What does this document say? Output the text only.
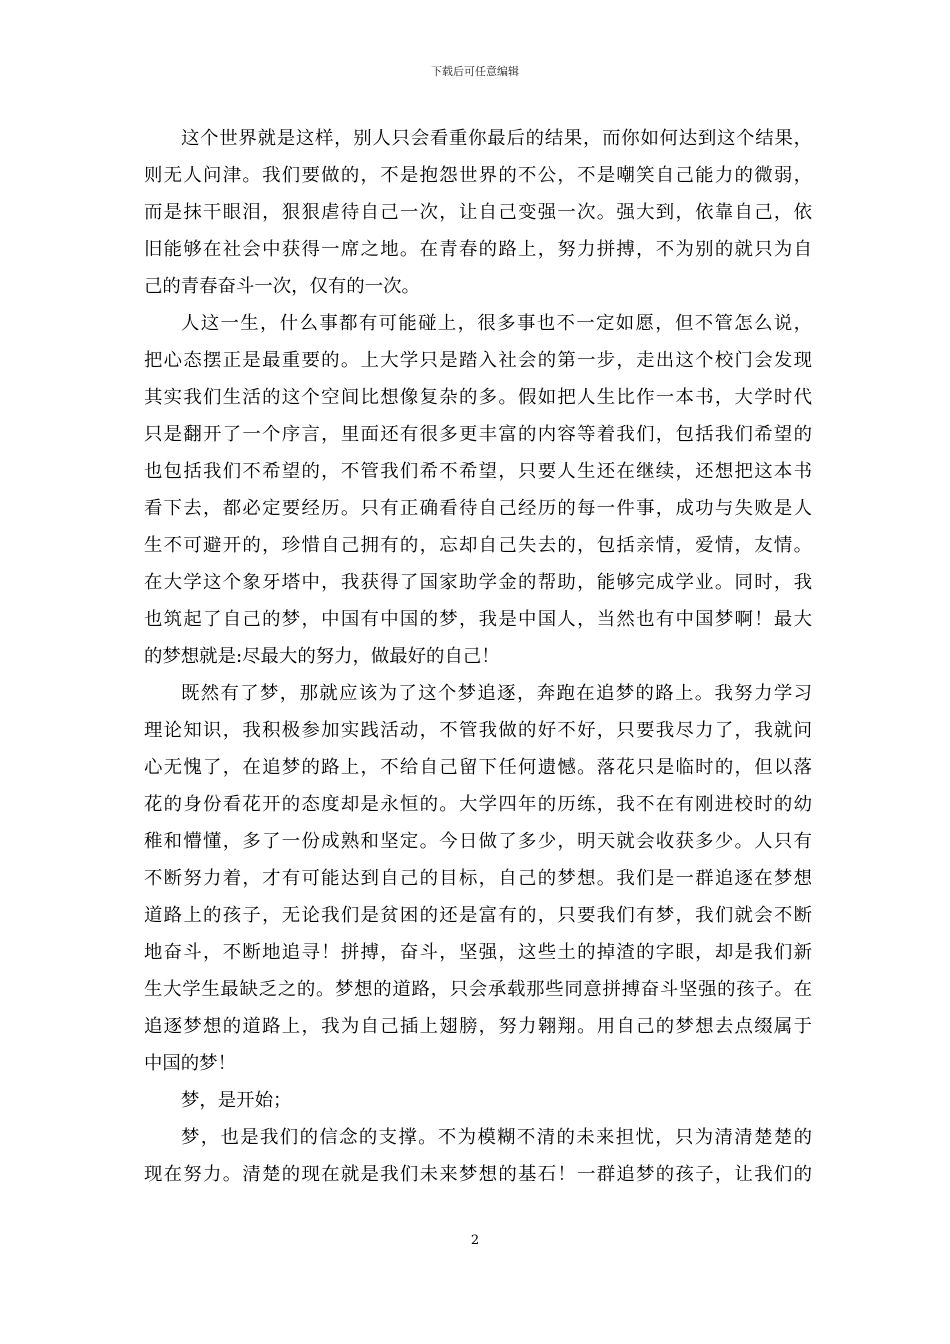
下载后可任意编辑
这个世界就是这样，别人只会看重你最后的结果，而你如何达到这个结果，
则无人问津。我们要做的，不是抱怨世界的不公，不是嘲笑自己能力的微弱，
而是抹干眼泪，狠狠虐待自己一次，让自己变强一次。强大到，依靠自己，依
旧能够在社会中获得一席之地。在青春的路上，努力拼搏，不为别的就只为自
己的青春奋斗一次，仅有的一次。
人这一生，什么事都有可能碰上，很多事也不一定如愿，但不管怎么说，
把心态摆正是最重要的。上大学只是踏入社会的第一步，走出这个校门会发现
其实我们生活的这个空间比想像复杂的多。假如把人生比作一本书，大学时代
只是翻开了一个序言，里面还有很多更丰富的内容等着我们，包括我们希望的
也包括我们不希望的，不管我们希不希望，只要人生还在继续，还想把这本书
看下去，都必定要经历。只有正确看待自己经历的每一件事，成功与失败是人
生不可避开的，珍惜自己拥有的，忘却自己失去的，包括亲情，爱情，友情。
在大学这个象牙塔中，我获得了国家助学金的帮助，能够完成学业。同时，我
也筑起了自己的梦，中国有中国的梦，我是中国人，当然也有中国梦啊！最大
的梦想就是:尽最大的努力，做最好的自己！
既然有了梦，那就应该为了这个梦追逐，奔跑在追梦的路上。我努力学习
理论知识，我积极参加实践活动，不管我做的好不好，只要我尽力了，我就问
心无愧了，在追梦的路上，不给自己留下任何遗憾。落花只是临时的，但以落
花的身份看花开的态度却是永恒的。大学四年的历练，我不在有刚进校时的幼
稚和懵懂，多了一份成熟和坚定。今日做了多少，明天就会收获多少。人只有
不断努力着，才有可能达到自己的目标，自己的梦想。我们是一群追逐在梦想
道路上的孩子，无论我们是贫困的还是富有的，只要我们有梦，我们就会不断
地奋斗，不断地追寻！拼搏，奋斗，坚强，这些土的掉渣的字眼，却是我们新
生大学生最缺乏之的。梦想的道路，只会承载那些同意拼搏奋斗坚强的孩子。在
追逐梦想的道路上，我为自己插上翅膀，努力翱翔。用自己的梦想去点缀属于
中国的梦！
梦，是开始；
梦，也是我们的信念的支撑。不为模糊不清的未来担忧，只为清清楚楚的
现在努力。清楚的现在就是我们未来梦想的基石！一群追梦的孩子，让我们的
2
